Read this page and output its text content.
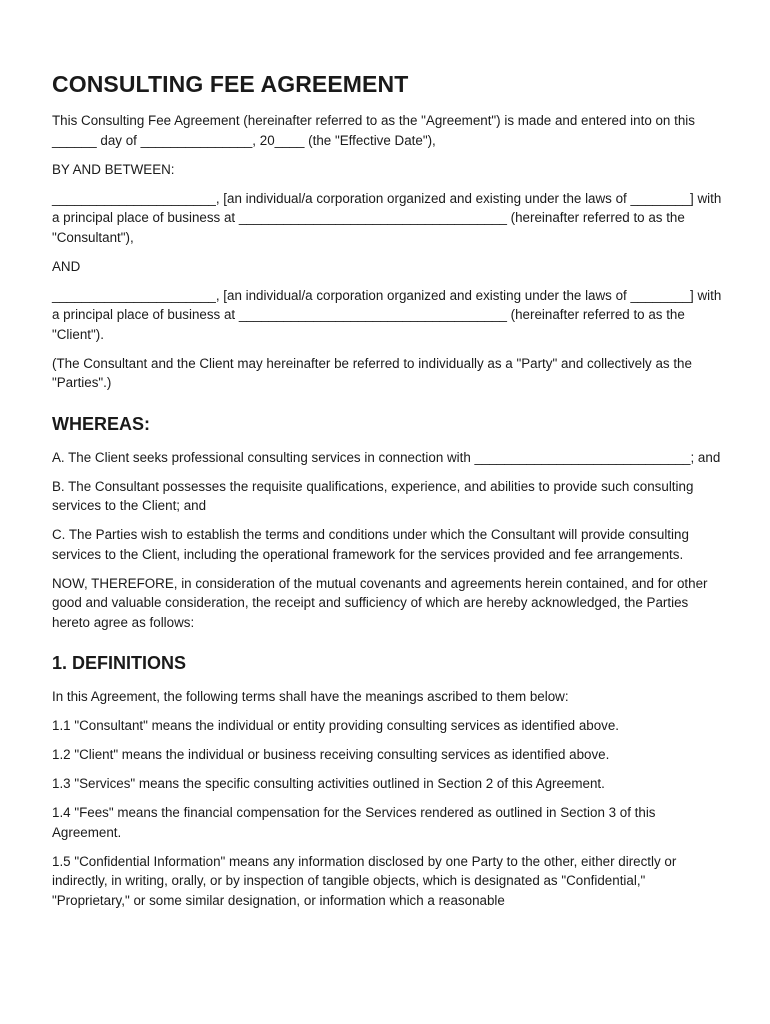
CONSULTING FEE AGREEMENT

This Consulting Fee Agreement (hereinafter referred to as the "Agreement") is made and entered into on this ______ day of _______________, 20____ (the "Effective Date"),

BY AND BETWEEN:

______________________, [an individual/a corporation organized and existing under the laws of ________] with a principal place of business at ____________________________________ (hereinafter referred to as the "Consultant"),

AND

______________________, [an individual/a corporation organized and existing under the laws of ________] with a principal place of business at ____________________________________ (hereinafter referred to as the "Client").

(The Consultant and the Client may hereinafter be referred to individually as a "Party" and collectively as the "Parties".)

WHEREAS:

A. The Client seeks professional consulting services in connection with _____________________________; and

B. The Consultant possesses the requisite qualifications, experience, and abilities to provide such consulting services to the Client; and

C. The Parties wish to establish the terms and conditions under which the Consultant will provide consulting services to the Client, including the operational framework for the services provided and fee arrangements.

NOW, THEREFORE, in consideration of the mutual covenants and agreements herein contained, and for other good and valuable consideration, the receipt and sufficiency of which are hereby acknowledged, the Parties hereto agree as follows:

1. DEFINITIONS

In this Agreement, the following terms shall have the meanings ascribed to them below:

1.1 "Consultant" means the individual or entity providing consulting services as identified above.

1.2 "Client" means the individual or business receiving consulting services as identified above.

1.3 "Services" means the specific consulting activities outlined in Section 2 of this Agreement.

1.4 "Fees" means the financial compensation for the Services rendered as outlined in Section 3 of this Agreement.

1.5 "Confidential Information" means any information disclosed by one Party to the other, either directly or indirectly, in writing, orally, or by inspection of tangible objects, which is designated as "Confidential," "Proprietary," or some similar designation, or information which a reasonable
